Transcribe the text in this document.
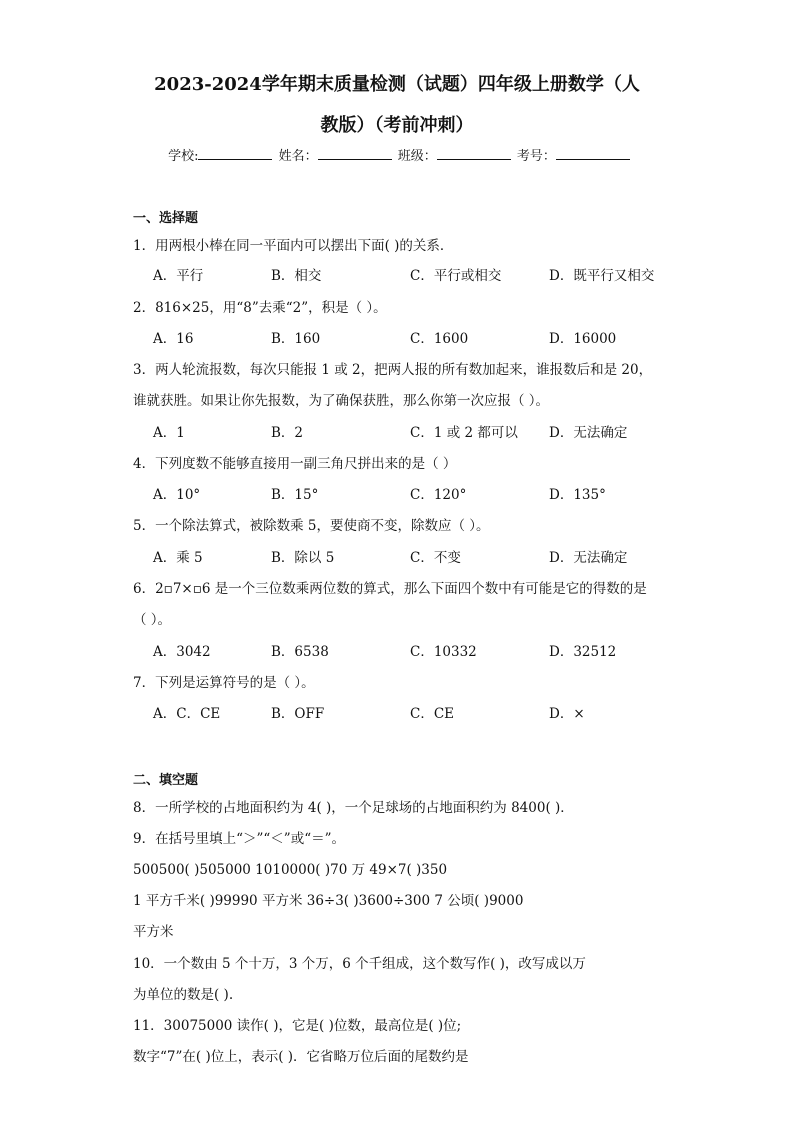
2023-2024学年期末质量检测（试题）四年级上册数学（人
教版）（考前冲刺）
学校:	姓名：	班级：	考号：
一、选择题
1．用两根小棒在同一平面内可以摆出下面( )的关系．
A．平行	B．相交	C．平行或相交	D．既平行又相交
2．816×25，用“8”去乘“2”，积是（ ）。
A．16	B．160	C．1600	D．16000
3．两人轮流报数，每次只能报 1 或 2，把两人报的所有数加起来，谁报数后和是 20，
谁就获胜。如果让你先报数，为了确保获胜，那么你第一次应报（ ）。
A．1	B．2	C．1 或 2 都可以 D．无法确定
4．下列度数不能够直接用一副三角尺拼出来的是（ ）
A．10°	B．15°	C．120°	D．135°
5．一个除法算式，被除数乘 5，要使商不变，除数应（ ）。
A．乘 5	B．除以 5	C．不变	D．无法确定
6．2▫7×▫6 是一个三位数乘两位数的算式，那么下面四个数中有可能是它的得数的是
（ ）。
A．3042	B．6538	C．10332	D．32512
7．下列是运算符号的是（ ）。
A．C．CE	B．OFF	C．CE	D．×
二、填空题
8．一所学校的占地面积约为 4( )，一个足球场的占地面积约为 8400( )．
9．在括号里填上“＞”“＜”或“＝”。
500500( )505000 1010000( )70 万 49×7( )350
1 平方千米( )99990 平方米 36÷3( )3600÷300 7 公顷( )9000
平方米
10．一个数由 5 个十万，3 个万，6 个千组成，这个数写作( )，改写成以万
为单位的数是( ).
11．30075000 读作( )，它是( )位数，最高位是( )位;
数字“7”在( )位上，表示( )．它省略万位后面的尾数约是
